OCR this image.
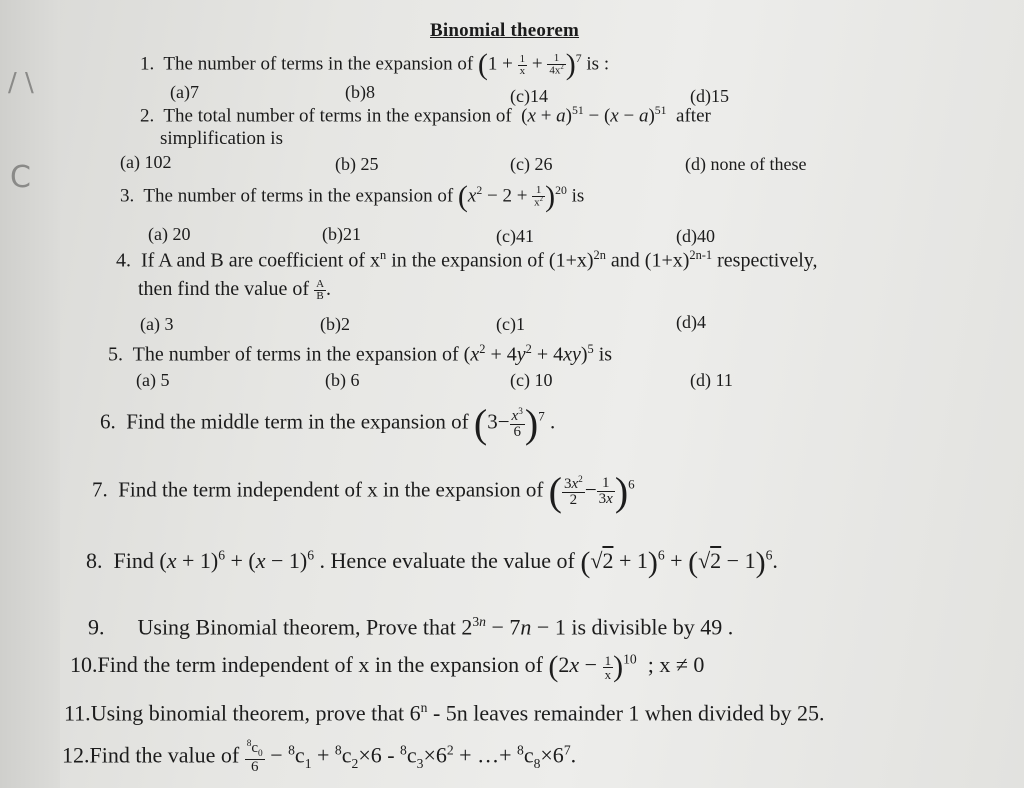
/ \
C
Binomial theorem
1. The number of terms in the expansion of $(1 + \frac{1}{x} + \frac{1}{4x^2} )^7$ is :
(a)7	(b)8	(c)14	(d)15
2. The total number of terms in the expansion of  $(x + a)^{51} - (x - a)^{51}$ after
simplification is
(a) 102	(b) 25	(c) 26	(d) none of these
3. The number of terms in the expansion of $(x^2 - 2 + \frac{1}{x^2} )^{20}$ is
(a) 20	(b)21	(c)41	(d)40
4. If A and B are coefficient of $x^n$ in the expansion of $(1+x)^{2n}$ and $(1+x)^{2n-1}$ respectively,
then find the value of $\frac{A}{B}$ .
(a) 3	(b)2	(c)1	(d)4
5. The number of terms in the expansion of $(x^2 + 4y^2 + 4xy)^5$ is
(a) 5	(b) 6	(c) 10	(d) 11
6. Find the middle term in the expansion of $(3- \frac{x^3}{6} )^7$ .
7. Find the term independent of x in the expansion of ( $\frac{3x^2}{2} - \frac{1}{3x} )^6$
8. Find $(x + 1)^6 + (x - 1)^6$ . Hence evaluate the value of $(√2 + 1)^6 + (√2 - 1)^6$.
9. Using Binomial theorem, Prove that $2^{3n} - 7n - 1$ is divisible by 49 .
10.Find the term independent of x in the expansion of $(2x - \frac{1}{x} )^{10}$ ; x ≠ 0
11.Using binomial theorem, prove that 6$^n$ - 5n leaves remainder 1 when divided by 25.
12.Find the value of $\frac{^8c_0}{6} - ^8c_1 + ^8c_2\times 6 - ^8c_3\times 6^2$ + …+ $^8c_8\times 6^7$.
